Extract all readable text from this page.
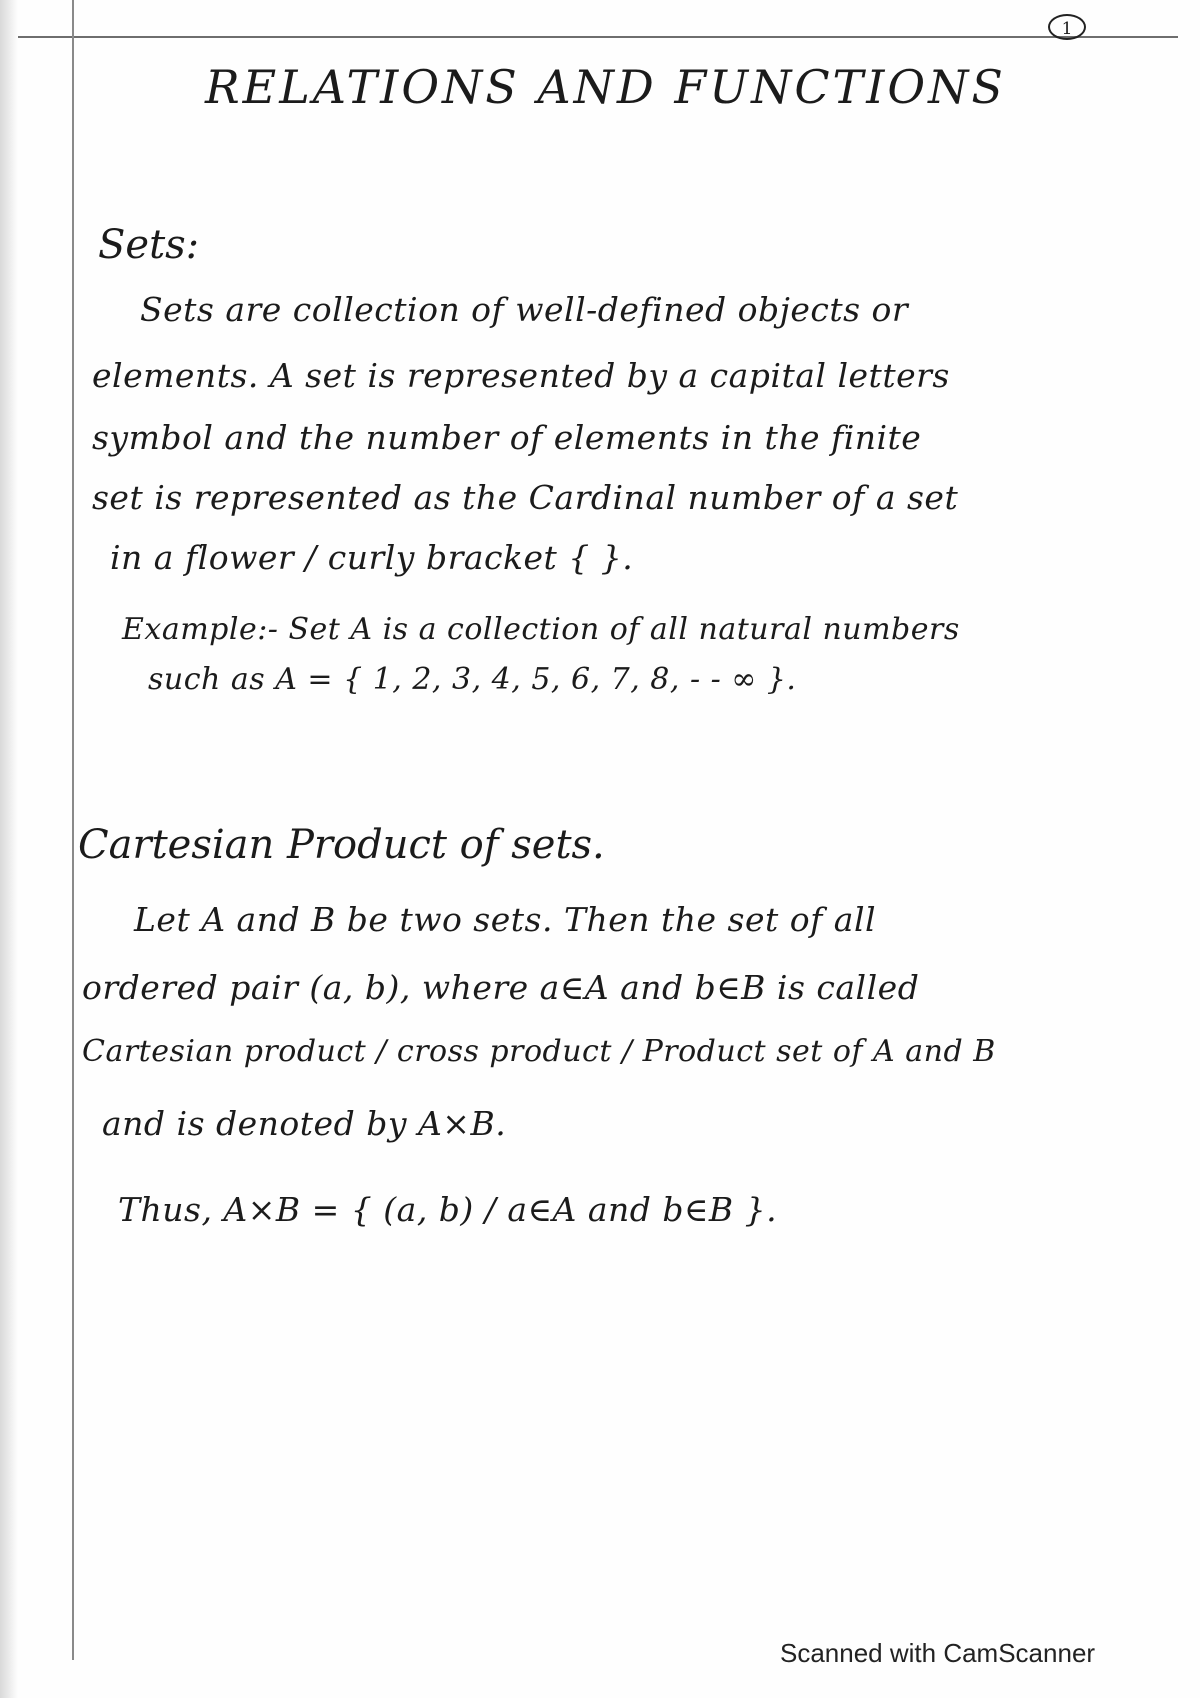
1
RELATIONS AND FUNCTIONS
Sets:
Sets are collection of well-defined objects or
elements. A set is represented by a capital letters
symbol and the number of elements in the finite
set is represented as the Cardinal number of a set
in a flower / curly bracket { }.
Example:- Set A is a collection of all natural numbers
such as A = { 1, 2, 3, 4, 5, 6, 7, 8, - - ∞ }.
Cartesian Product of sets.
Let A and B be two sets. Then the set of all
ordered pair (a, b), where a∈A and b∈B is called
Cartesian product / cross product / Product set of A and B
and is denoted by A×B.
Thus, A×B = { (a, b) / a∈A and b∈B }.
Scanned with CamScanner
